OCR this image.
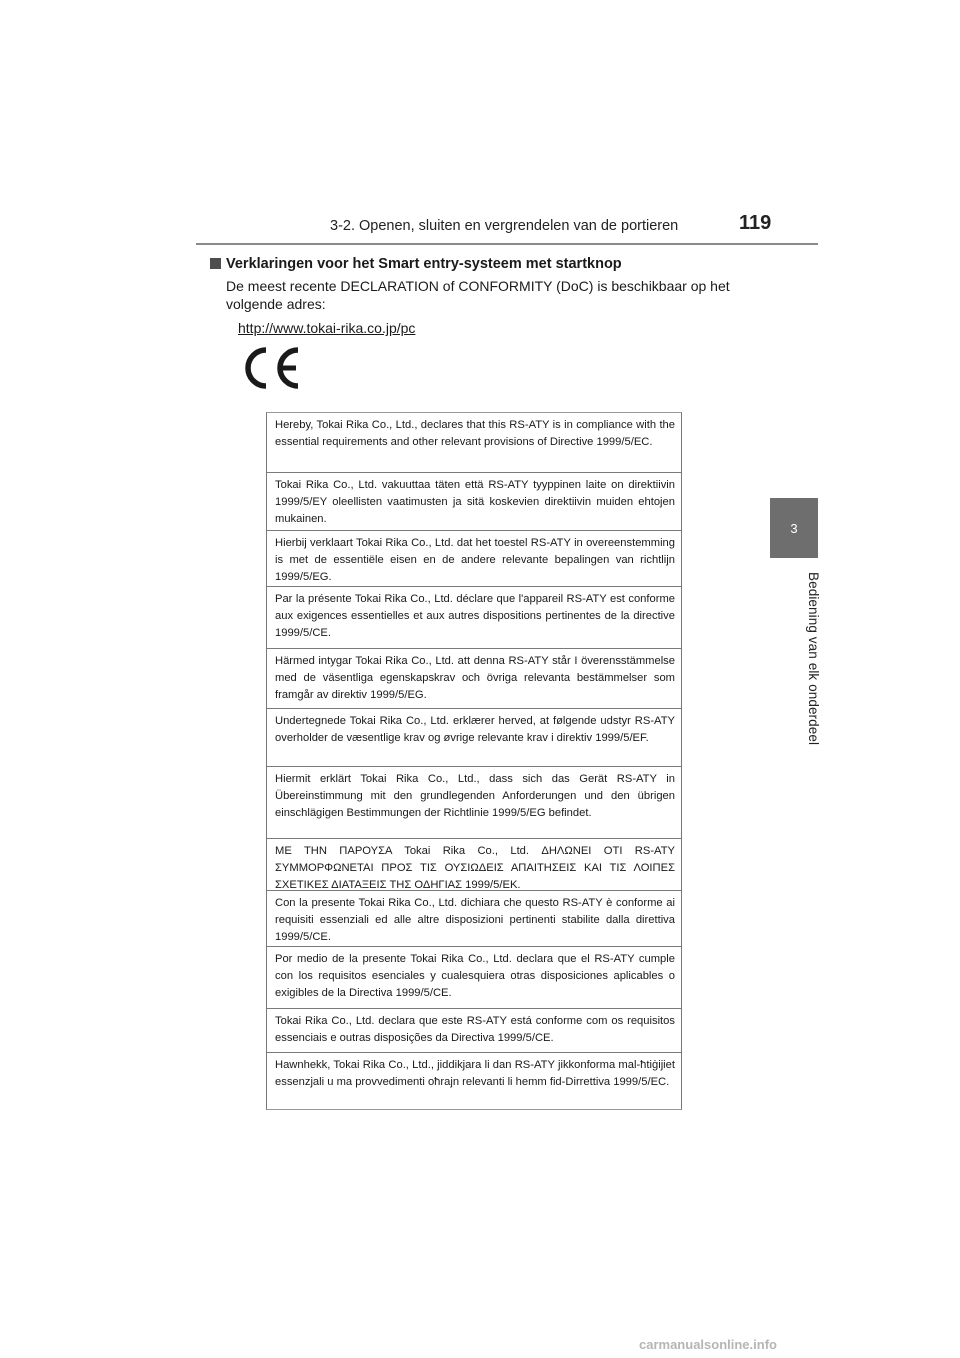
3-2. Openen, sluiten en vergrendelen van de portieren	119
3
Bediening van elk onderdeel
Verklaringen voor het Smart entry-systeem met startknop
De meest recente DECLARATION of CONFORMITY (DoC) is beschikbaar op het volgende adres:
http://www.tokai-rika.co.jp/pc
Hereby, Tokai Rika Co., Ltd., declares that this RS-ATY is in compliance with the essential requirements and other relevant provisions of Directive 1999/5/EC.
Tokai Rika Co., Ltd. vakuuttaa täten että RS-ATY tyyppinen laite on direktiivin 1999/5/EY oleellisten vaatimusten ja sitä koskevien direktiivin muiden ehtojen mukainen.
Hierbij verklaart Tokai Rika Co., Ltd. dat het toestel RS-ATY in overeenstemming is met de essentiële eisen en de andere relevante bepalingen van richtlijn 1999/5/EG.
Par la présente Tokai Rika Co., Ltd. déclare que l'appareil RS-ATY est conforme aux exigences essentielles et aux autres dispositions pertinentes de la directive 1999/5/CE.
Härmed intygar Tokai Rika Co., Ltd. att denna RS-ATY står I överensstämmelse med de väsentliga egenskapskrav och övriga relevanta bestämmelser som framgår av direktiv 1999/5/EG.
Undertegnede Tokai Rika Co., Ltd. erklærer herved, at følgende udstyr RS-ATY overholder de væsentlige krav og øvrige relevante krav i direktiv 1999/5/EF.
Hiermit erklärt Tokai Rika Co., Ltd., dass sich das Gerät RS-ATY in Übereinstimmung mit den grundlegenden Anforderungen und den übrigen einschlägigen Bestimmungen der Richtlinie 1999/5/EG befindet.
ΜΕ ΤΗΝ ΠΑΡΟΥΣΑ Tokai Rika Co., Ltd. ΔΗΛΩΝΕΙ ΟΤΙ RS-ATY ΣΥΜΜΟΡΦΩΝΕΤΑΙ ΠΡΟΣ ΤΙΣ ΟΥΣΙΩΔΕΙΣ ΑΠΑΙΤΗΣΕΙΣ ΚΑΙ ΤΙΣ ΛΟΙΠΕΣ ΣΧΕΤΙΚΕΣ ΔΙΑΤΑΞΕΙΣ ΤΗΣ ΟΔΗΓΙΑΣ 1999/5/ΕΚ.
Con la presente Tokai Rika Co., Ltd. dichiara che questo RS-ATY è conforme ai requisiti essenziali ed alle altre disposizioni pertinenti stabilite dalla direttiva 1999/5/CE.
Por medio de la presente Tokai Rika Co., Ltd. declara que el RS-ATY cumple con los requisitos esenciales y cualesquiera otras disposiciones aplicables o exigibles de la Directiva 1999/5/CE.
Tokai Rika Co., Ltd. declara que este RS-ATY está conforme com os requisitos essenciais e outras disposições da Directiva 1999/5/CE.
Hawnhekk, Tokai Rika Co., Ltd., jiddikjara li dan RS-ATY jikkonforma mal-ħtiġijiet essenzjali u ma provvedimenti oħrajn relevanti li hemm fid-Dirrettiva 1999/5/EC.
carmanualsonline.info
